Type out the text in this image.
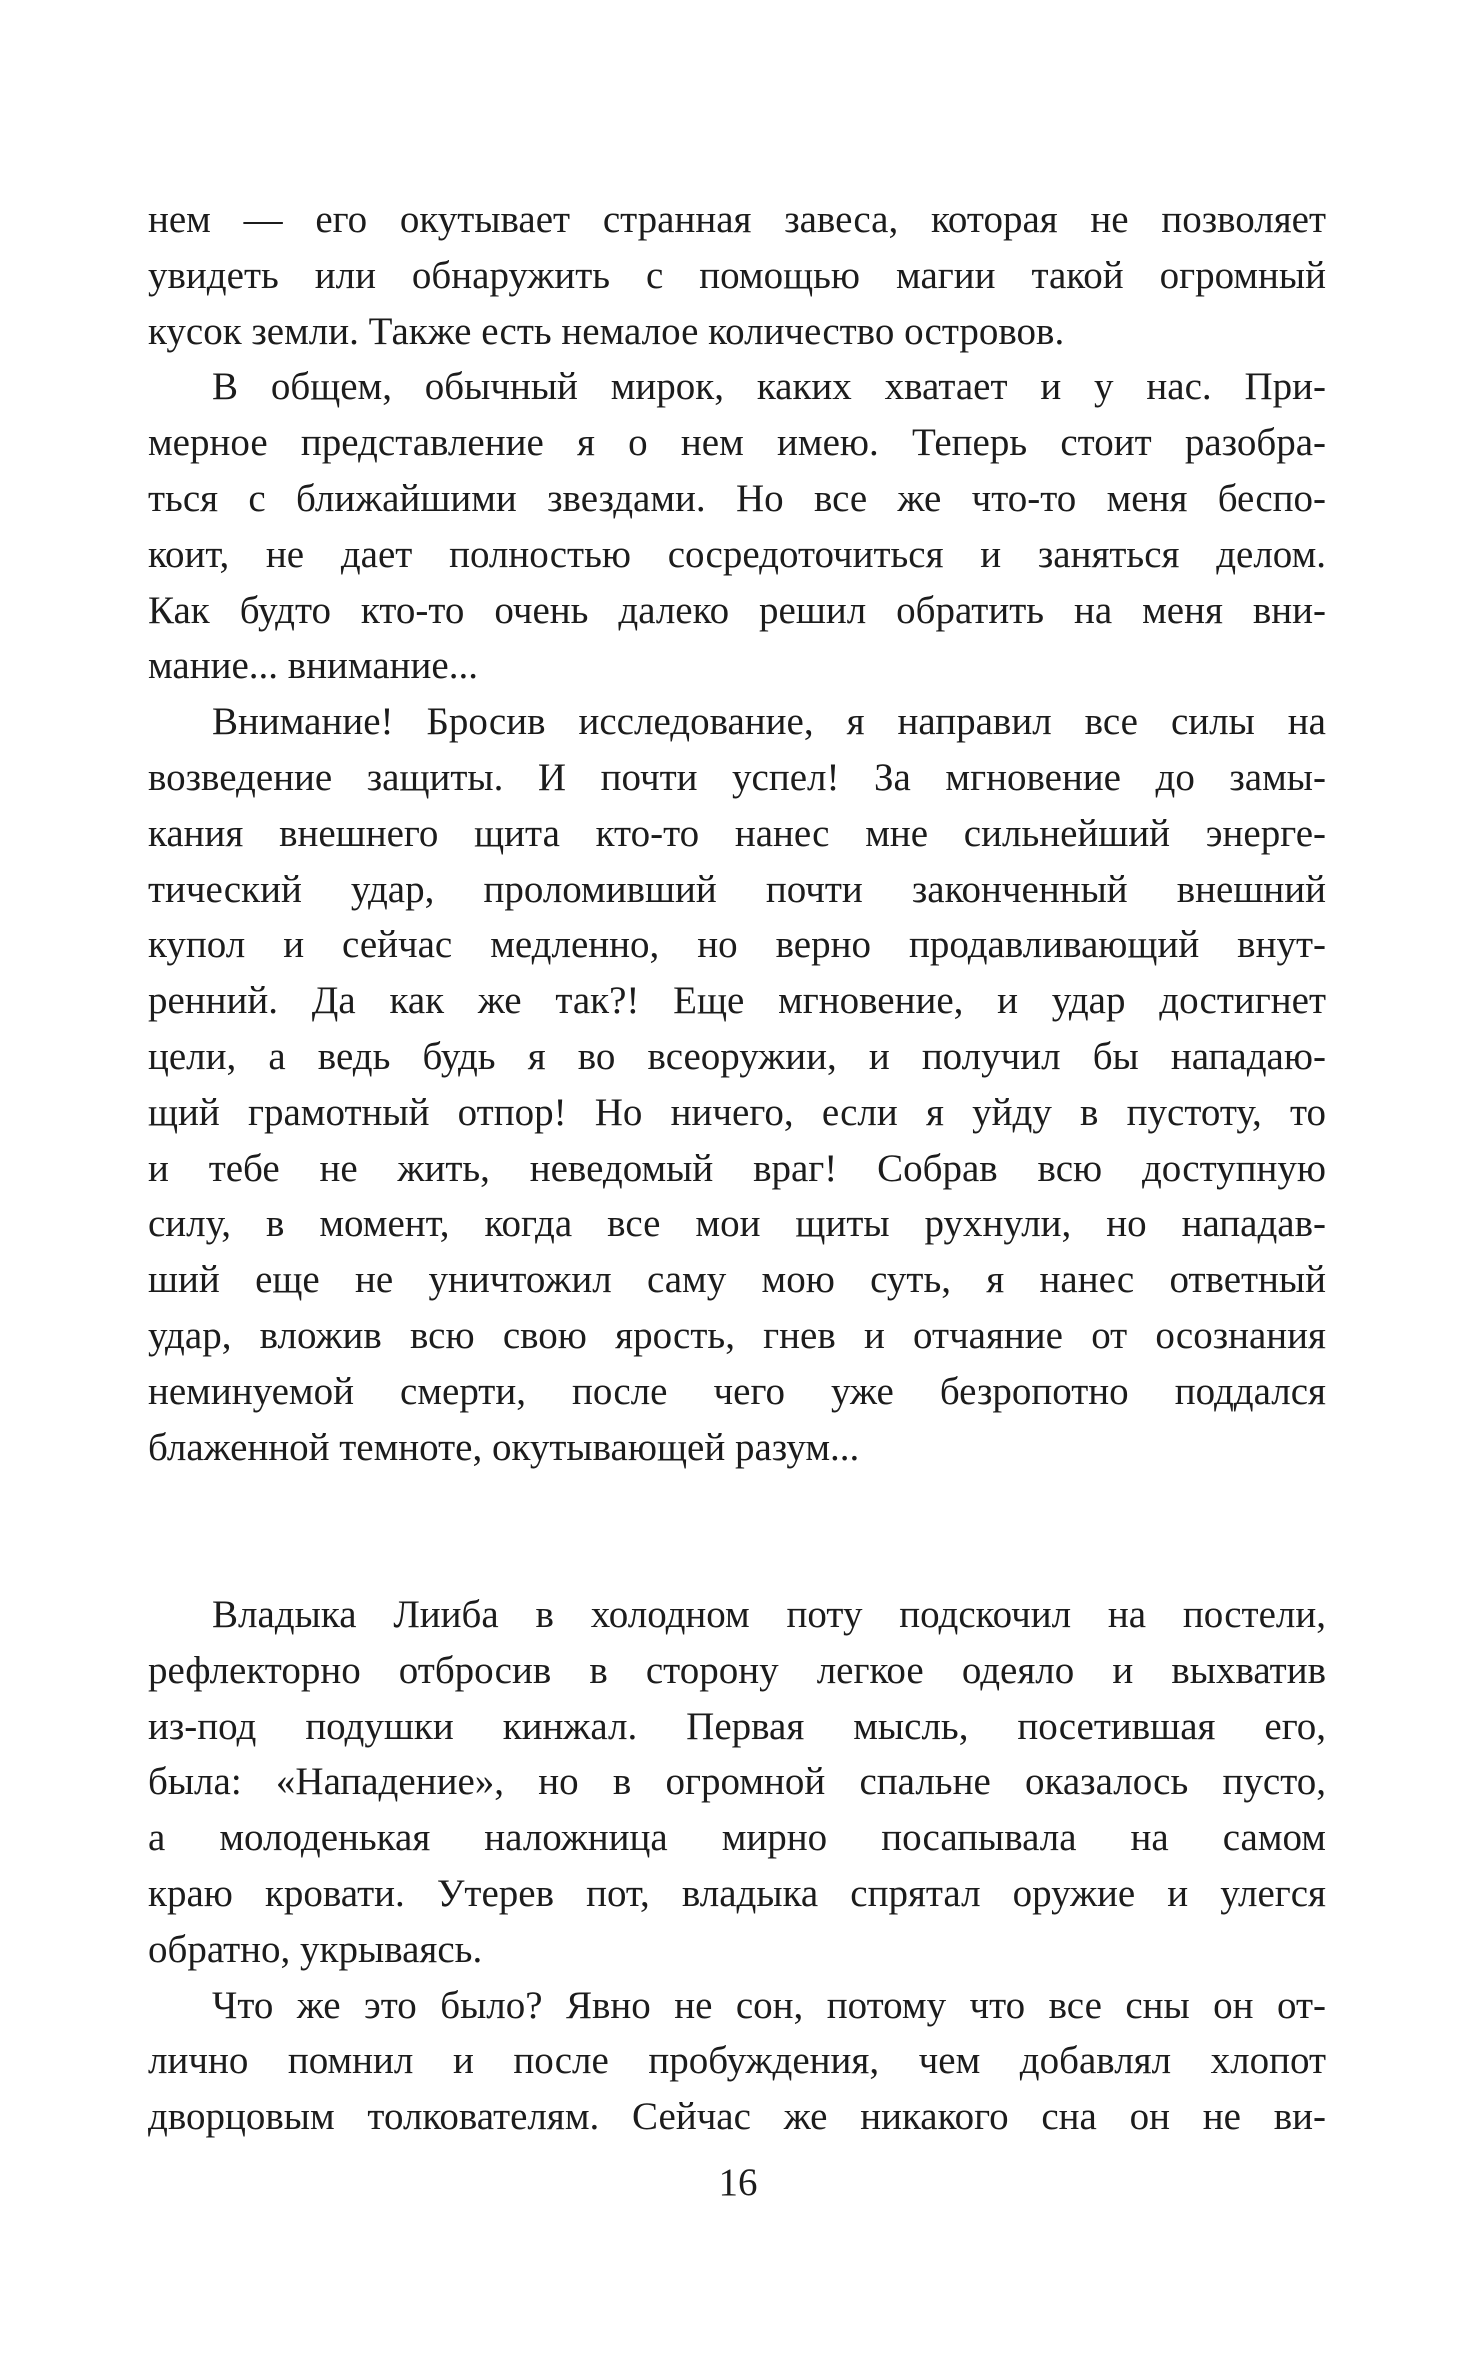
нем — его окутывает странная завеса, которая не позволяет
увидеть или обнаружить с помощью магии такой огромный
кусок земли. Также есть немалое количество островов.
В общем, обычный мирок, каких хватает и у нас. При-
мерное представление я о нем имею. Теперь стоит разобра-
ться с ближайшими звездами. Но все же что-то меня беспо-
коит, не дает полностью сосредоточиться и заняться делом.
Как будто кто-то очень далеко решил обратить на меня вни-
мание... внимание...
Внимание! Бросив исследование, я направил все силы на
возведение защиты. И почти успел! За мгновение до замы-
кания внешнего щита кто-то нанес мне сильнейший энерге-
тический удар, проломивший почти законченный внешний
купол и сейчас медленно, но верно продавливающий внут-
ренний. Да как же так?! Еще мгновение, и удар достигнет
цели, а ведь будь я во всеоружии, и получил бы нападаю-
щий грамотный отпор! Но ничего, если я уйду в пустоту, то
и тебе не жить, неведомый враг! Собрав всю доступную
силу, в момент, когда все мои щиты рухнули, но нападав-
ший еще не уничтожил саму мою суть, я нанес ответный
удар, вложив всю свою ярость, гнев и отчаяние от осознания
неминуемой смерти, после чего уже безропотно поддался
блаженной темноте, окутывающей разум...
Владыка Лииба в холодном поту подскочил на постели,
рефлекторно отбросив в сторону легкое одеяло и выхватив
из-под подушки кинжал. Первая мысль, посетившая его,
была: «Нападение», но в огромной спальне оказалось пусто,
а молоденькая наложница мирно посапывала на самом
краю кровати. Утерев пот, владыка спрятал оружие и улегся
обратно, укрываясь.
Что же это было? Явно не сон, потому что все сны он от-
лично помнил и после пробуждения, чем добавлял хлопот
дворцовым толкователям. Сейчас же никакого сна он не ви-
16
